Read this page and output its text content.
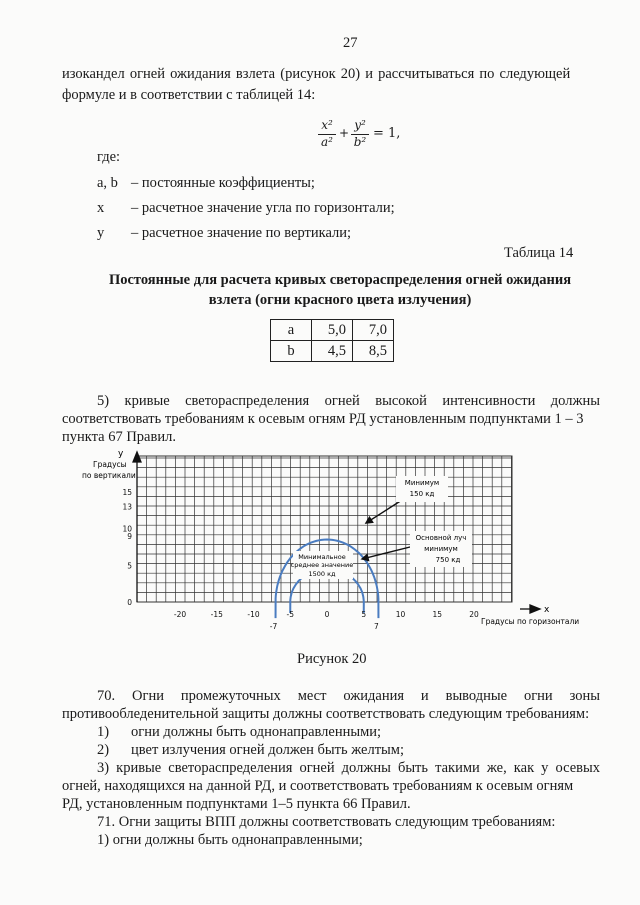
27
изокандел огней ожидания взлета (рисунок 20) и рассчитываться по следующей
формуле и в соответствии с таблицей 14:
x²
a²
+
y²
b²
= 1,
где:
a, b – постоянные коэффициенты;
x – расчетное значение угла по горизонтали;
y – расчетное значение по вертикали;
Таблица 14
Постоянные для расчета кривых светораспределения огней ожидания
взлета (огни красного цвета излучения)
a	5,0	7,0
b	4,5	8,5
5) кривые светораспределения огней высокой интенсивности должны
соответствовать требованиям к осевым огням РД установленным подпунктами 1 – 3
пункта 67 Правил.
y
Градусы
по вертикали
x
Градусы по горизонтали
-20	-15	-10	-5	0	5	10	15	20
-7	7
0
5
9
10
13
15
Минимум
150 кд
Основной луч
минимум
750 кд
Минимальное
среднее значение
1500 кд
Рисунок 20
70. Огни промежуточных мест ожидания и выводные огни зоны
противообледенительной защиты должны соответствовать следующим требованиям:
1) огни должны быть однонаправленными;
2) цвет излучения огней должен быть желтым;
3) кривые светораспределения огней должны быть такими же, как у осевых
огней, находящихся на данной РД, и соответствовать требованиям к осевым огням
РД, установленным подпунктами 1–5 пункта 66 Правил.
71. Огни защиты ВПП должны соответствовать следующим требованиям:
1) огни должны быть однонаправленными;
